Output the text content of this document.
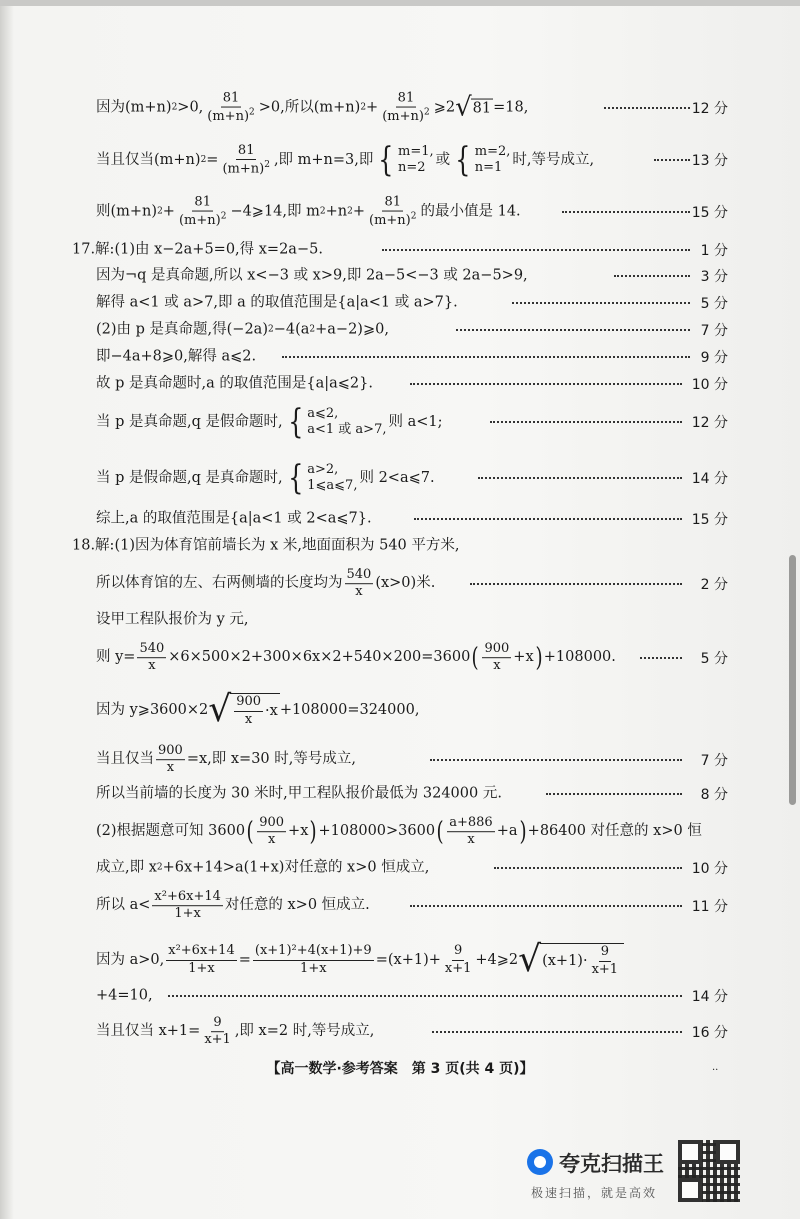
因为(m+n) 2 >0, $\frac{81}{(m+n)^2} >0$,所以(m+n) $2 + \frac{81}{(m+n)^2}$ ⩾2 √ 81 =18,	12 分
当且仅当(m+n) $2 = \frac{81}{(m+n)^2}$ ,即 m+n=3,即 { m=1,
n=2 或 { m=2,
n=1 时,等号成立,	13 分
则(m+n) $2 + \frac{81}{(m+n)^2}$ −4⩾14,即 m 2 +n $2 + \frac{81}{(m+n)^2}$ 的最小值是 14.	15 分
17.解:(1)由 x−2a+5=0,得 x=2a−5.	1 分
因为¬q 是真命题,所以 x<−3 或 x>9,即 2a−5<−3 或 2a−5>9,	3 分
解得 a<1 或 a>7,即 a 的取值范围是{a|a<1 或 a>7}.	5 分
(2)由 p 是真命题,得(−2a) 2 −4(a 2 +a−2)⩾0,	7 分
即−4a+8⩾0,解得 a⩽2.	9 分
故 p 是真命题时,a 的取值范围是{a|a⩽2}.	10 分
当 p 是真命题,q 是假命题时, { a⩽2,
a<1 或 a>7, 则 a<1;	12 分
当 p 是假命题,q 是真命题时, { a>2,
1⩽a⩽7, 则 2<a⩽7.	14 分
综上,a 的取值范围是{a|a<1 或 2<a⩽7}.	15 分
18.解:(1)因为体育馆前墙长为 x 米,地面面积为 540 平方米,
所以体育馆的左、右两侧墙的长度均为 $\frac{540}{x} (x>0)$米.	2 分
设甲工程队报价为 y 元,
则 $y= \frac{540}{x} \times 6\times 500\times 2+300\times 6x\times 2+540\times 200=3600$ ( $\frac{900}{x} +x$ ) +108000.	5 分
因为 y⩾3600×2 √ $\frac{900}{x} \cdot x +108000=324000$,
当且仅当 $\frac{900}{x} =x$,即 x=30 时,等号成立,	7 分
所以当前墙的长度为 30 米时,甲工程队报价最低为 324000 元.	8 分
(2)根据题意可知 3600 ( $\frac{900}{x} +x$ ) +108000>3600 ( $\frac{a+886}{x} +a$ ) +86400 对任意的 x>0 恒
成立,即 x 2 +6x+14>a(1+x)对任意的 x>0 恒成立,	10 分
所以 $a< \frac{\text{x²+6x+14}}{1+x}$ 对任意的 x>0 恒成立.	11 分
因为 a>0, $\frac{\text{x²+6x+14}}{1+x} = \frac{\text{(x+1)²+4(x+1)+9}}{1+x} =(x+1)+ \frac{9}{x+1}$ +4⩾2 √ $(x+1)\cdot \frac{9}{x+1}$
+4=10,	14 分
当且仅当 $x+1= \frac{9}{x+1}$ ,即 x=2 时,等号成立,	16 分
【高一数学·参考答案　第 3 页(共 4 页)】	..
夸克扫描王
极速扫描，就是高效
